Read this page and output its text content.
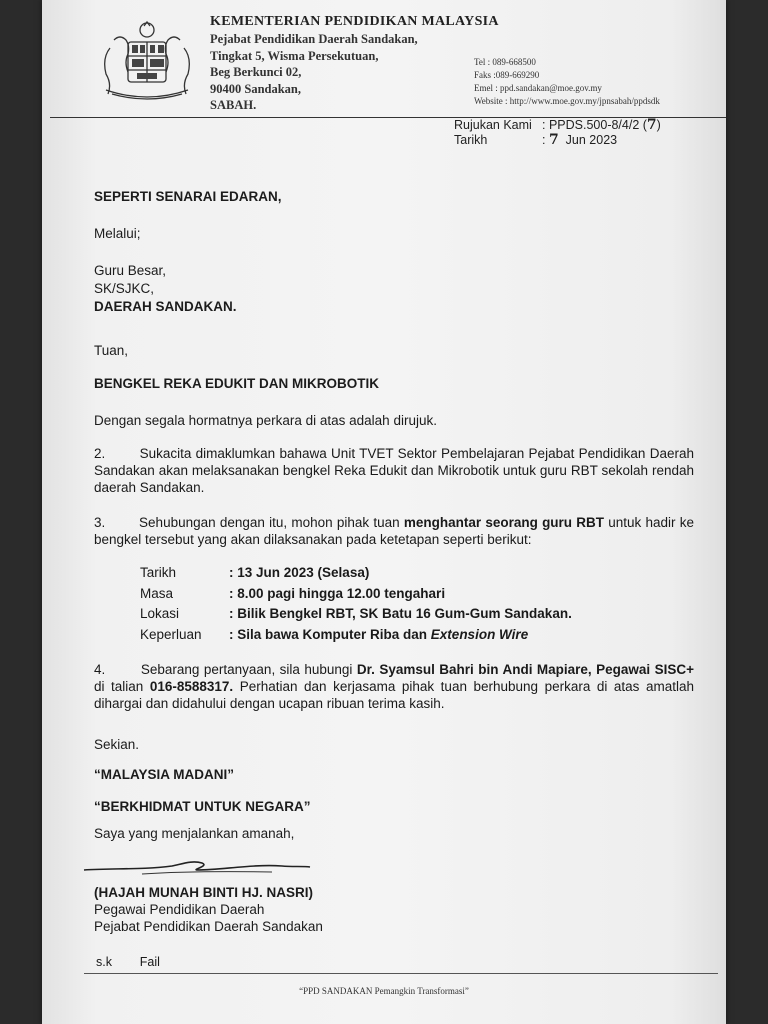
KEMENTERIAN PENDIDIKAN MALAYSIA
Pejabat Pendidikan Daerah Sandakan,
Tingkat 5, Wisma Persekutuan,
Beg Berkunci 02,
90400 Sandakan,
SABAH.
Tel : 089-668500
Faks :089-669290
Emel : ppd.sandakan@moe.gov.my
Website : http://www.moe.gov.my/jpnsabah/ppdsdk
Rujukan Kami : PPDS.500-8/4/2 (7)
Tarikh	: 7 Jun 2023
SEPERTI SENARAI EDARAN,
Melalui;
Guru Besar,
SK/SJKC,
DAERAH SANDAKAN.
Tuan,
BENGKEL REKA EDUKIT DAN MIKROBOTIK
Dengan segala hormatnya perkara di atas adalah dirujuk.
2.	Sukacita dimaklumkan bahawa Unit TVET Sektor Pembelajaran Pejabat Pendidikan Daerah Sandakan akan melaksanakan bengkel Reka Edukit dan Mikrobotik untuk guru RBT sekolah rendah daerah Sandakan.
3.	Sehubungan dengan itu, mohon pihak tuan menghantar seorang guru RBT untuk hadir ke bengkel tersebut yang akan dilaksanakan pada ketetapan seperti berikut:
Tarikh	: 13 Jun 2023 (Selasa)
Masa	: 8.00 pagi hingga 12.00 tengahari
Lokasi	: Bilik Bengkel RBT, SK Batu 16 Gum-Gum Sandakan.
Keperluan : Sila bawa Komputer Riba dan Extension Wire
4.	Sebarang pertanyaan, sila hubungi Dr. Syamsul Bahri bin Andi Mapiare, Pegawai SISC+ di talian 016-8588317. Perhatian dan kerjasama pihak tuan berhubung perkara di atas amatlah dihargai dan didahului dengan ucapan ribuan terima kasih.
Sekian.
“MALAYSIA MADANI”
“BERKHIDMAT UNTUK NEGARA”
Saya yang menjalankan amanah,
(HAJAH MUNAH BINTI HJ. NASRI)
Pegawai Pendidikan Daerah
Pejabat Pendidikan Daerah Sandakan
s.k Fail
“PPD SANDAKAN Pemangkin Transformasi”
